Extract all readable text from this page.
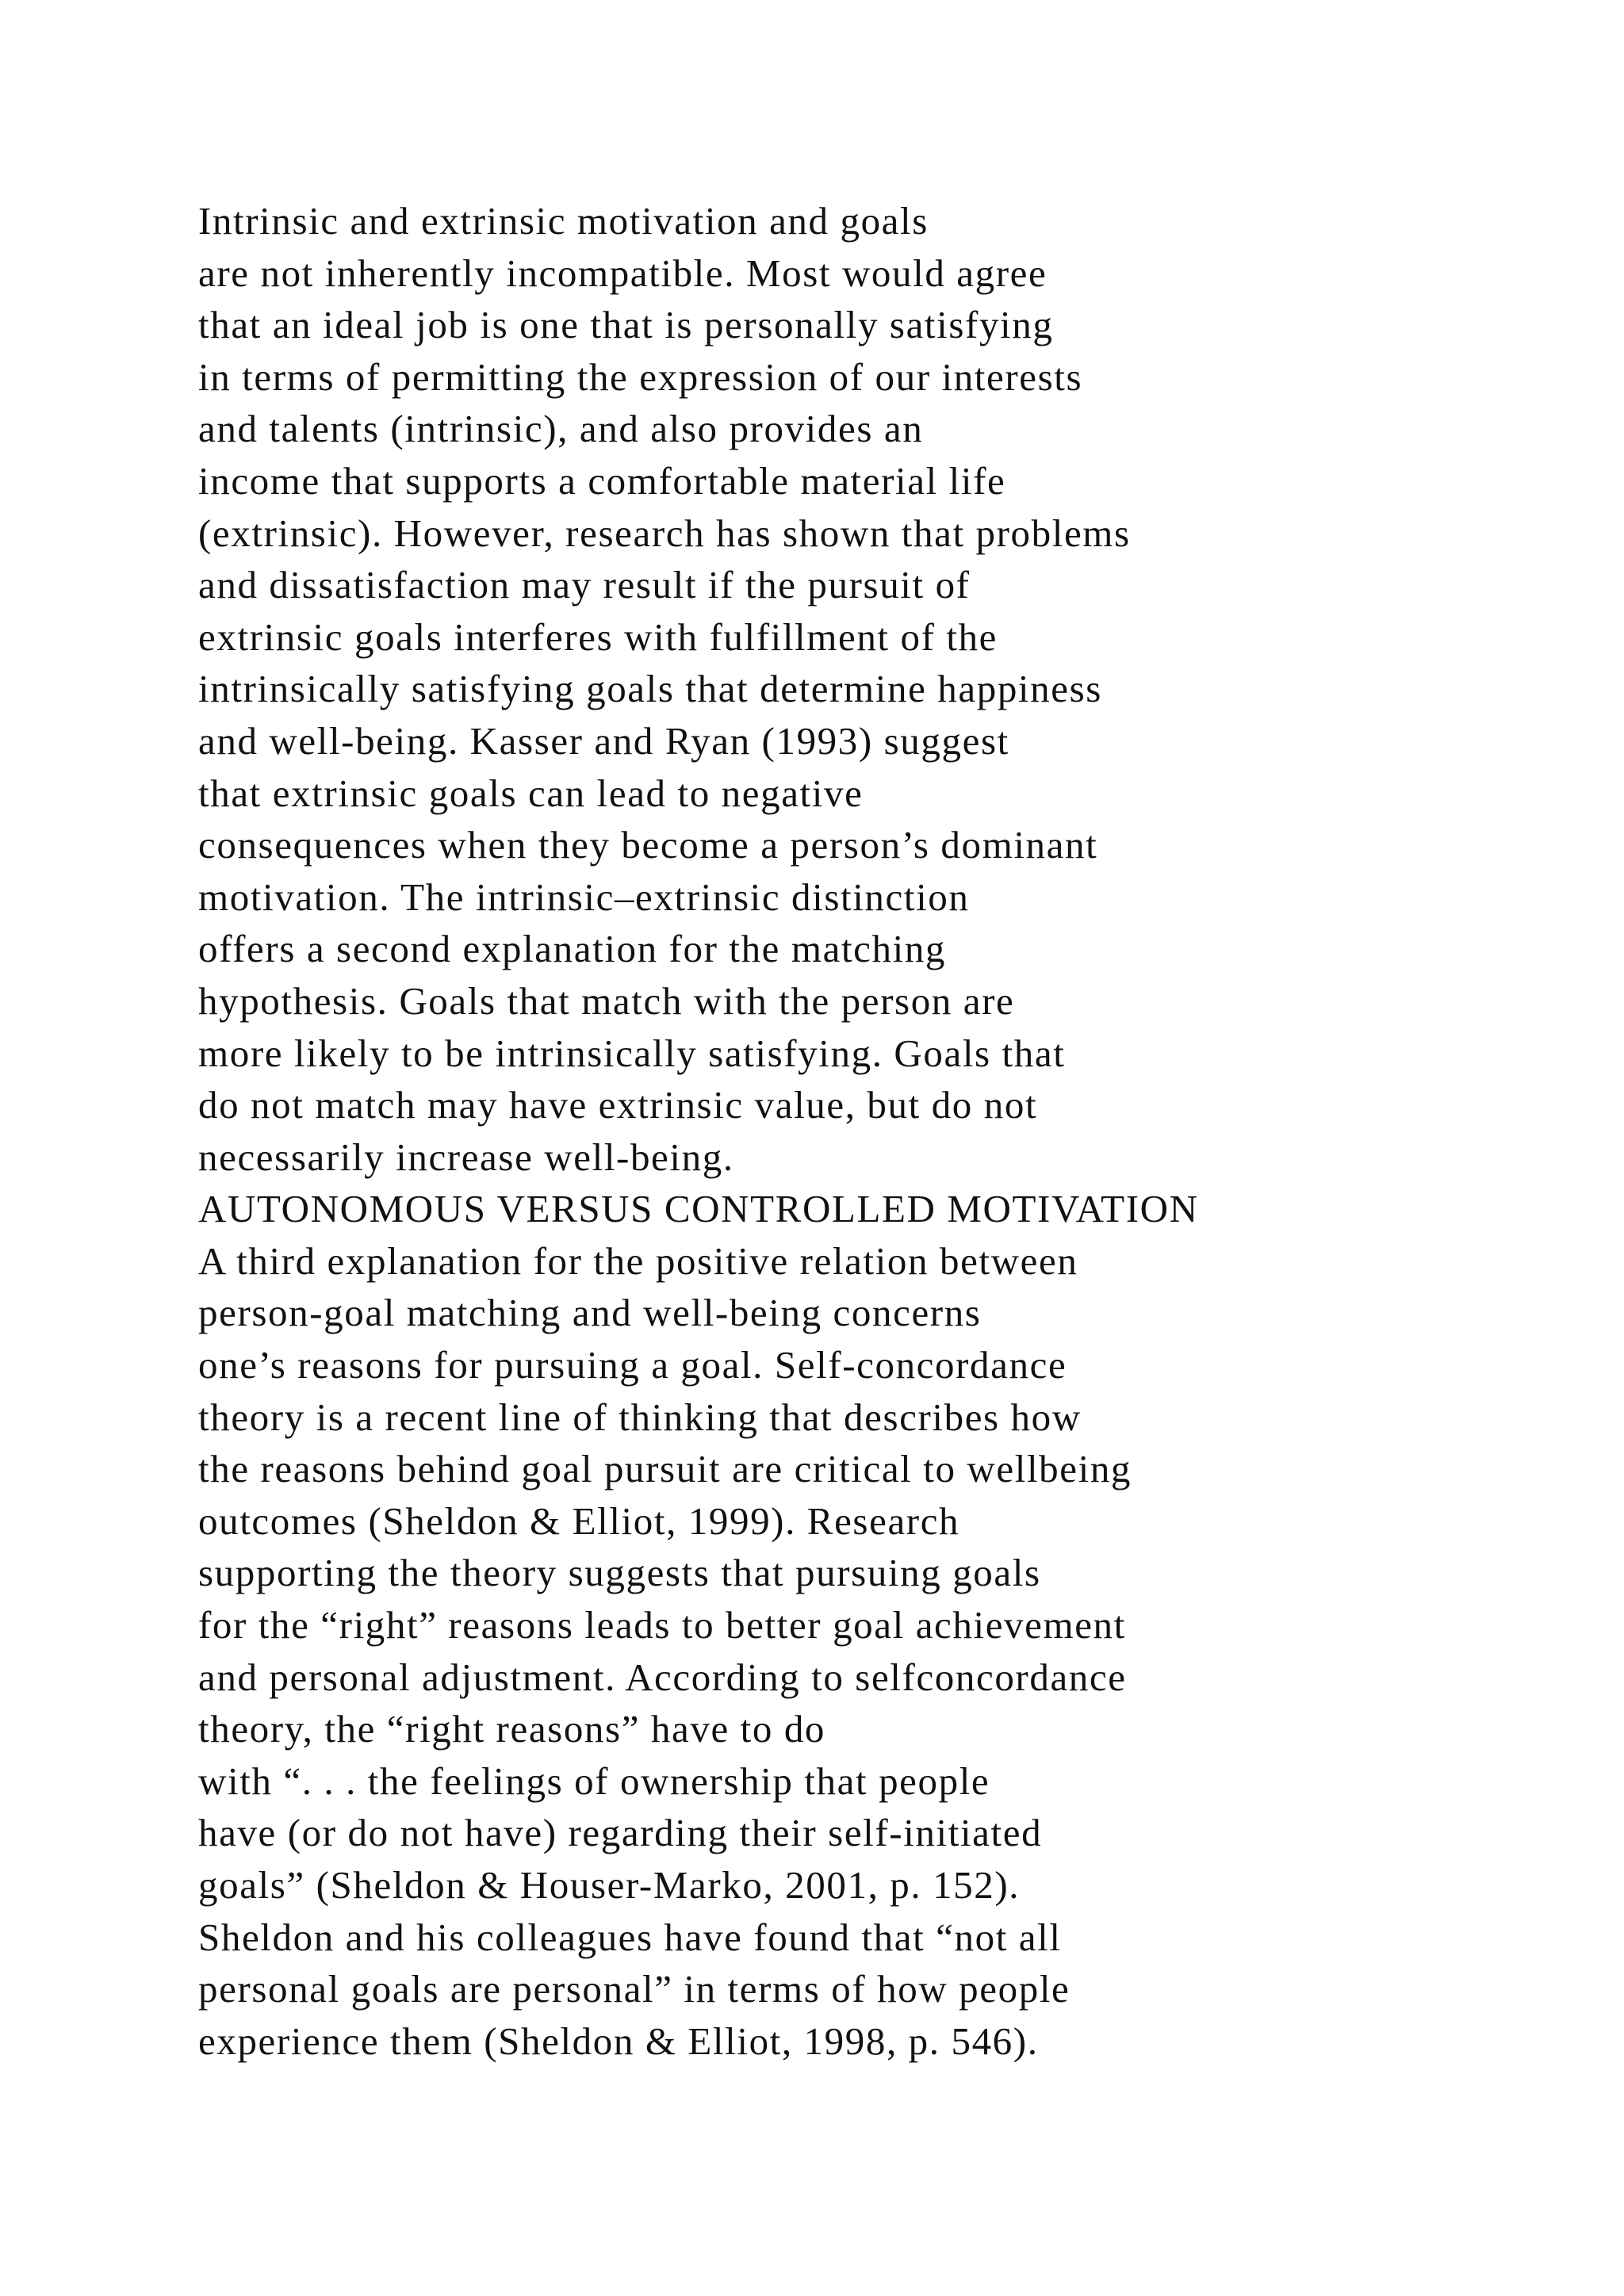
Intrinsic and extrinsic motivation and goals
are not inherently incompatible. Most would agree
that an ideal job is one that is personally satisfying
in terms of permitting the expression of our interests
and talents (intrinsic), and also provides an
income that supports a comfortable material life
(extrinsic). However, research has shown that problems
and dissatisfaction may result if the pursuit of
extrinsic goals interferes with fulfillment of the
intrinsically satisfying goals that determine happiness
and well-being. Kasser and Ryan (1993) suggest
that extrinsic goals can lead to negative
consequences when they become a person’s dominant
motivation. The intrinsic–extrinsic distinction
offers a second explanation for the matching
hypothesis. Goals that match with the person are
more likely to be intrinsically satisfying. Goals that
do not match may have extrinsic value, but do not
necessarily increase well-being.
AUTONOMOUS VERSUS CONTROLLED MOTIVATION
A third explanation for the positive relation between
person-goal matching and well-being concerns
one’s reasons for pursuing a goal. Self-concordance
theory is a recent line of thinking that describes how
the reasons behind goal pursuit are critical to wellbeing
outcomes (Sheldon & Elliot, 1999). Research
supporting the theory suggests that pursuing goals
for the “right” reasons leads to better goal achievement
and personal adjustment. According to selfconcordance
theory, the “right reasons” have to do
with “. . . the feelings of ownership that people
have (or do not have) regarding their self-initiated
goals” (Sheldon & Houser-Marko, 2001, p. 152).
Sheldon and his colleagues have found that “not all
personal goals are personal” in terms of how people
experience them (Sheldon & Elliot, 1998, p. 546).
